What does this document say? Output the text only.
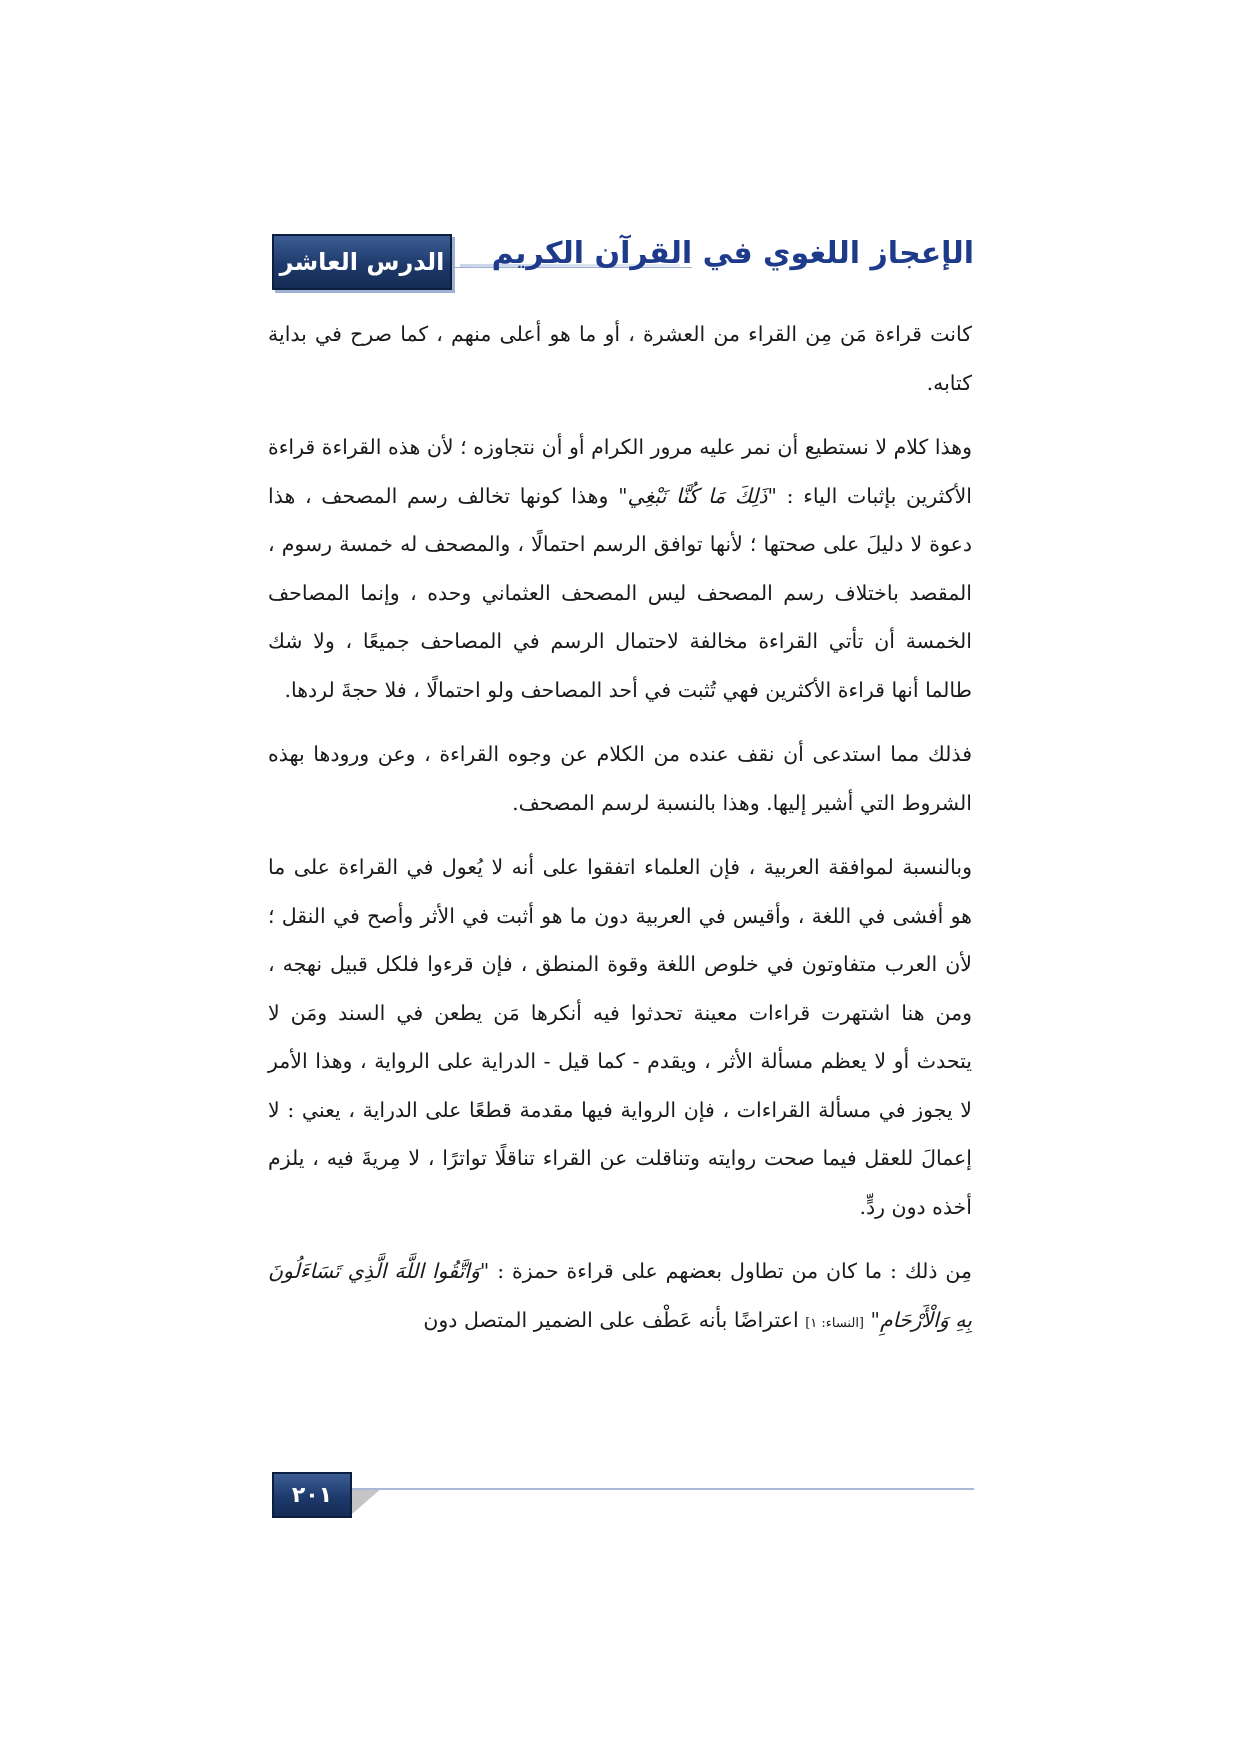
الدرس العاشر الإعجاز اللغوي في القرآن الكريم

كانت قراءة مَن مِن القراء من العشرة ، أو ما هو أعلى منهم ، كما صرح في بداية كتابه.

وهذا كلام لا نستطيع أن نمر عليه مرور الكرام أو أن نتجاوزه ؛ لأن هذه القراءة قراءة الأكثرين بإثبات الياء : "ذَلِكَ مَا كُنَّا نَبْغِي" وهذا كونها تخالف رسم المصحف ، هذا دعوة لا دليلَ على صحتها ؛ لأنها توافق الرسم احتمالًا ، والمصحف له خمسة رسوم ، المقصد باختلاف رسم المصحف ليس المصحف العثماني وحده ، وإنما المصاحف الخمسة أن تأتي القراءة مخالفة لاحتمال الرسم في المصاحف جميعًا ، ولا شك طالما أنها قراءة الأكثرين فهي تُثبت في أحد المصاحف ولو احتمالًا ، فلا حجةَ لردها.

فذلك مما استدعى أن نقف عنده من الكلام عن وجوه القراءة ، وعن ورودها بهذه الشروط التي أشير إليها. وهذا بالنسبة لرسم المصحف.

وبالنسبة لموافقة العربية ، فإن العلماء اتفقوا على أنه لا يُعول في القراءة على ما هو أفشى في اللغة ، وأقيس في العربية دون ما هو أثبت في الأثر وأصح في النقل ؛ لأن العرب متفاوتون في خلوص اللغة وقوة المنطق ، فإن قرءوا فلكل قبيل نهجه ، ومن هنا اشتهرت قراءات معينة تحدثوا فيه أنكرها مَن يطعن في السند ومَن لا يتحدث أو لا يعظم مسألة الأثر ، ويقدم - كما قيل - الدراية على الرواية ، وهذا الأمر لا يجوز في مسألة القراءات ، فإن الرواية فيها مقدمة قطعًا على الدراية ، يعني : لا إعمالَ للعقل فيما صحت روايته وتناقلت عن القراء تناقلًا تواترًا ، لا مِريةَ فيه ، يلزم أخذه دون ردٍّ.

مِن ذلك : ما كان من تطاول بعضهم على قراءة حمزة : "وَاتَّقُوا اللَّهَ الَّذِي تَسَاءَلُونَ بِهِ وَالْأَرْحَامِ" [النساء: ١] اعتراضًا بأنه عَطْف على الضمير المتصل دون

٢٠١
